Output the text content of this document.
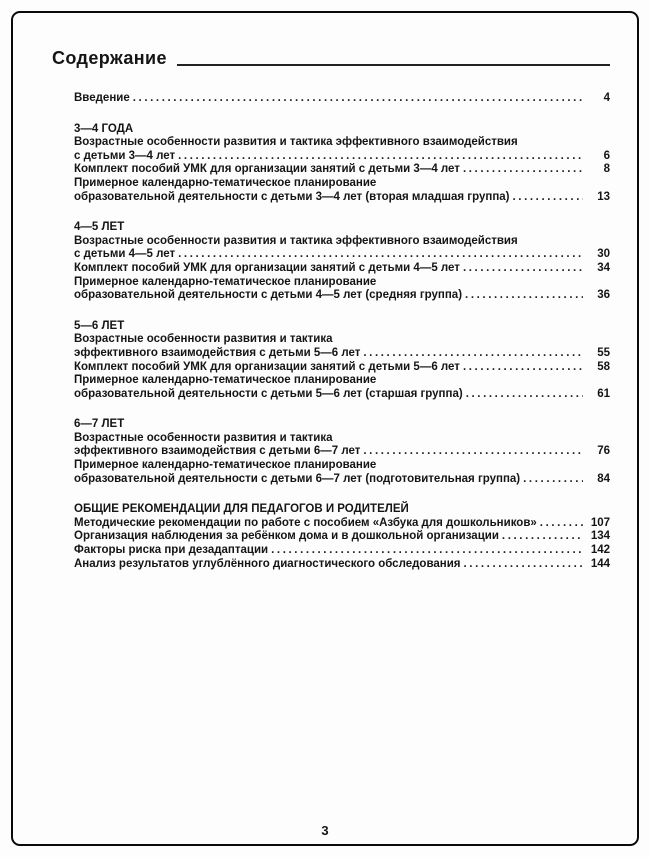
Содержание
Введение .....	4
3—4 ГОДА
Возрастные особенности развития и тактика эффективного взаимодействия
с детьми 3—4 лет .....	6
Комплект пособий УМК для организации занятий с детьми 3—4 лет .....	8
Примерное календарно-тематическое планирование
образовательной деятельности с детьми 3—4 лет (вторая младшая группа) .....	13
4—5 ЛЕТ
Возрастные особенности развития и тактика эффективного взаимодействия
с детьми 4—5 лет .....	30
Комплект пособий УМК для организации занятий с детьми 4—5 лет .....	34
Примерное календарно-тематическое планирование
образовательной деятельности с детьми 4—5 лет (средняя группа) .....	36
5—6 ЛЕТ
Возрастные особенности развития и тактика
эффективного взаимодействия с детьми 5—6 лет .....	55
Комплект пособий УМК для организации занятий с детьми 5—6 лет .....	58
Примерное календарно-тематическое планирование
образовательной деятельности с детьми 5—6 лет (старшая группа) .....	61
6—7 ЛЕТ
Возрастные особенности развития и тактика
эффективного взаимодействия с детьми 6—7 лет .....	76
Примерное календарно-тематическое планирование
образовательной деятельности с детьми 6—7 лет (подготовительная группа) .....	84
ОБЩИЕ РЕКОМЕНДАЦИИ ДЛЯ ПЕДАГОГОВ И РОДИТЕЛЕЙ
Методические рекомендации по работе с пособием «Азбука для дошкольников» .....	107
Организация наблюдения за ребёнком дома и в дошкольной организации .....	134
Факторы риска при дезадаптации .....	142
Анализ результатов углублённого диагностического обследования .....	144
3
